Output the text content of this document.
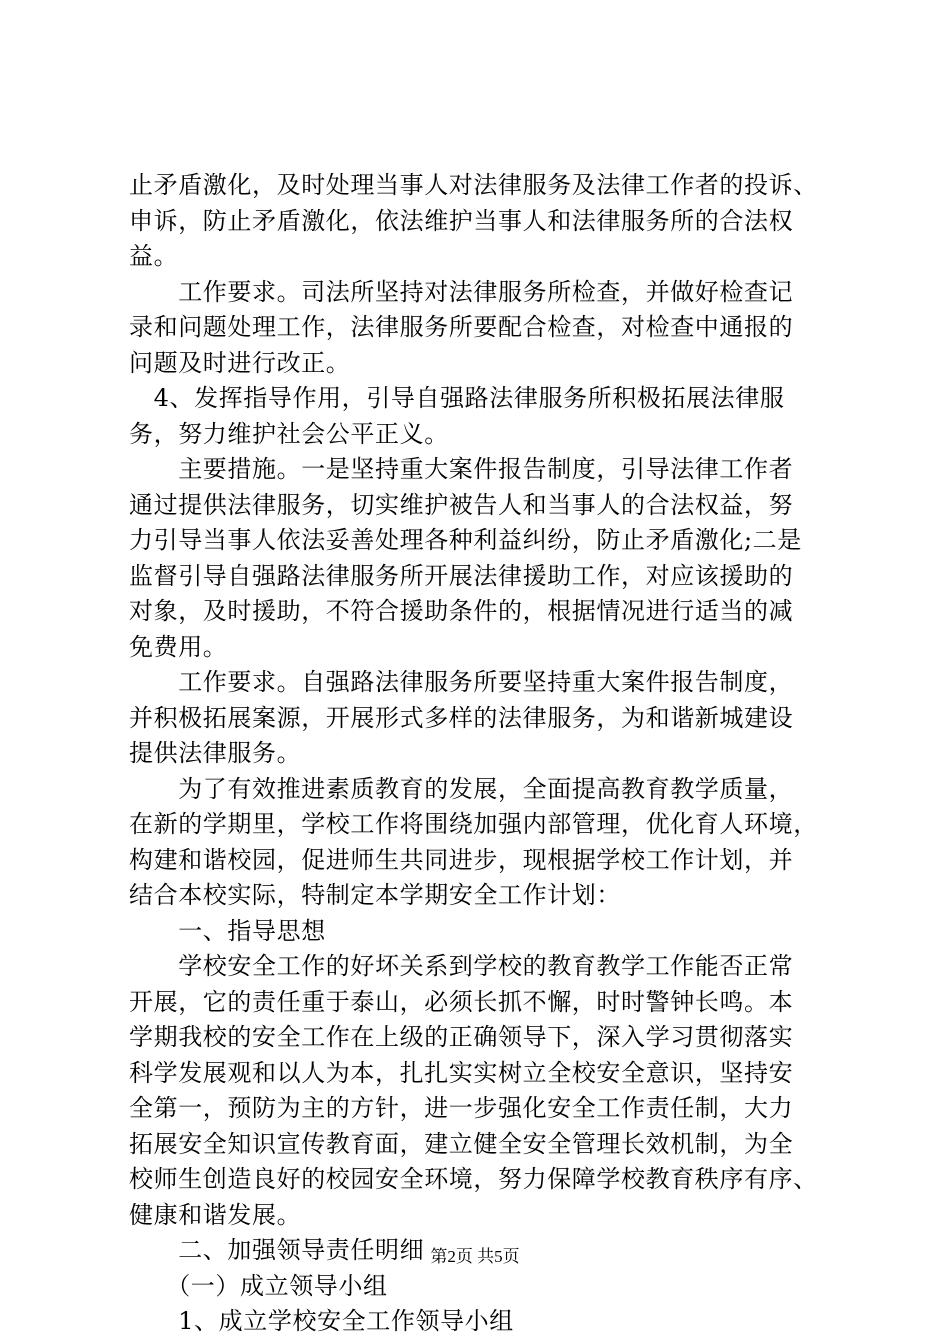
止矛盾激化，及时处理当事人对法律服务及法律工作者的投诉、
申诉，防止矛盾激化，依法维护当事人和法律服务所的合法权
益。
　　工作要求。司法所坚持对法律服务所检查，并做好检查记
录和问题处理工作，法律服务所要配合检查，对检查中通报的
问题及时进行改正。
　4、发挥指导作用，引导自强路法律服务所积极拓展法律服
务，努力维护社会公平正义。
　　主要措施。一是坚持重大案件报告制度，引导法律工作者
通过提供法律服务，切实维护被告人和当事人的合法权益，努
力引导当事人依法妥善处理各种利益纠纷，防止矛盾激化;二是
监督引导自强路法律服务所开展法律援助工作，对应该援助的
对象，及时援助，不符合援助条件的，根据情况进行适当的减
免费用。
　　工作要求。自强路法律服务所要坚持重大案件报告制度，
并积极拓展案源，开展形式多样的法律服务，为和谐新城建设
提供法律服务。
　　为了有效推进素质教育的发展，全面提高教育教学质量，
在新的学期里，学校工作将围绕加强内部管理，优化育人环境，
构建和谐校园，促进师生共同进步，现根据学校工作计划，并
结合本校实际，特制定本学期安全工作计划：
　　一、指导思想
　　学校安全工作的好坏关系到学校的教育教学工作能否正常
开展，它的责任重于泰山，必须长抓不懈，时时警钟长鸣。本
学期我校的安全工作在上级的正确领导下，深入学习贯彻落实
科学发展观和以人为本，扎扎实实树立全校安全意识，坚持安
全第一，预防为主的方针，进一步强化安全工作责任制，大力
拓展安全知识宣传教育面，建立健全安全管理长效机制，为全
校师生创造良好的校园安全环境，努力保障学校教育秩序有序、
健康和谐发展。
　　二、加强领导责任明细
　　（一）成立领导小组
　　1、成立学校安全工作领导小组
第2页 共5页
